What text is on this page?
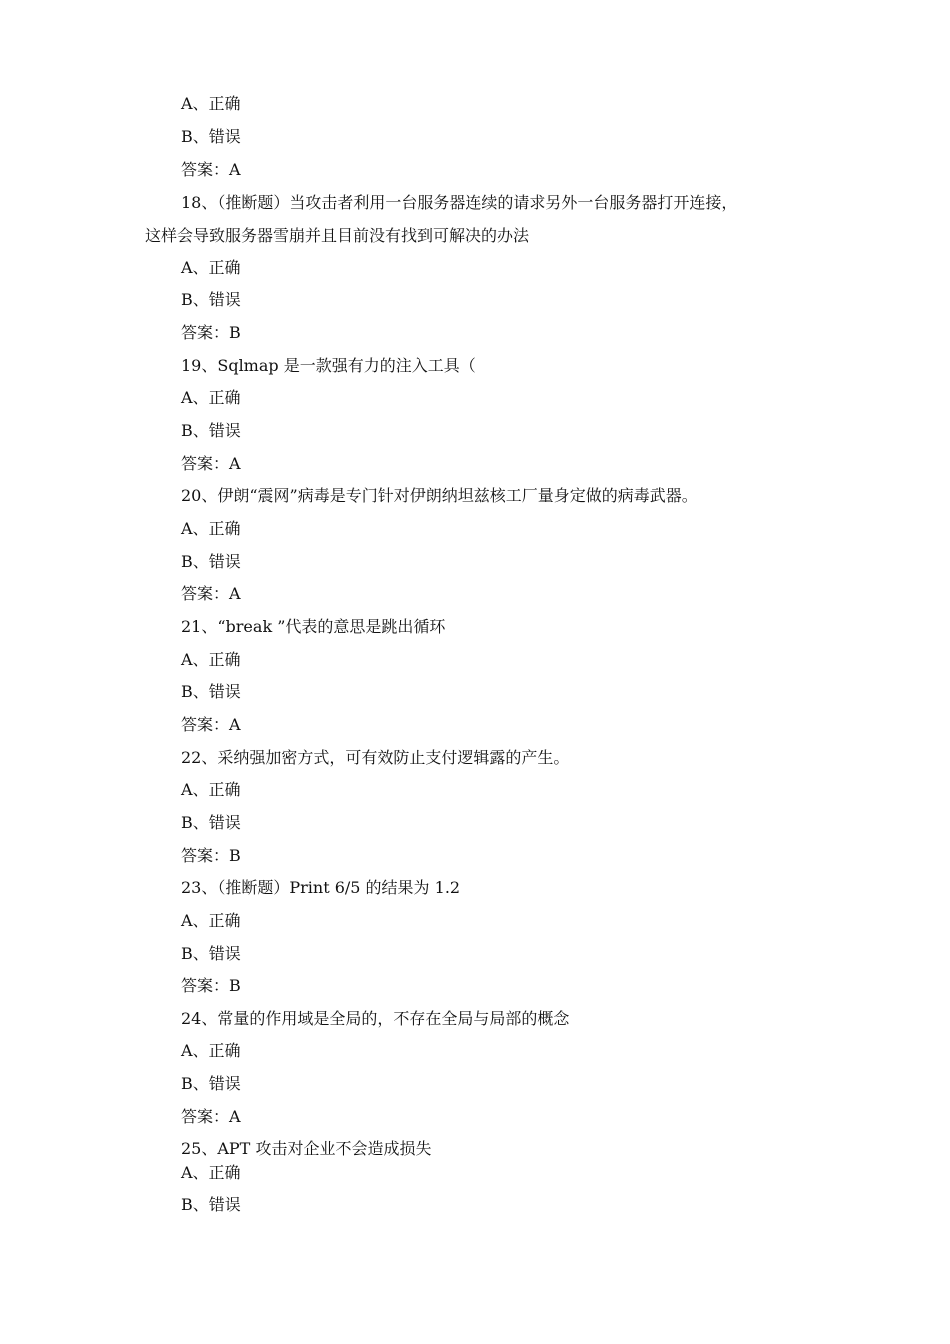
A、正确
B、错误
答案：A
18、（推断题）当攻击者利用一台服务器连续的请求另外一台服务器打开连接，
这样会导致服务器雪崩并且目前没有找到可解决的办法
A、正确
B、错误
答案：B
19、Sqlmap 是一款强有力的注入工具（
A、正确
B、错误
答案：A
20、伊朗“震网”病毒是专门针对伊朗纳坦兹核工厂量身定做的病毒武器。
A、正确
B、错误
答案：A
21、“break ”代表的意思是跳出循环
A、正确
B、错误
答案：A
22、采纳强加密方式，可有效防止支付逻辑露的产生。
A、正确
B、错误
答案：B
23、（推断题）Print 6/5 的结果为 1.2
A、正确
B、错误
答案：B
24、常量的作用域是全局的，不存在全局与局部的概念
A、正确
B、错误
答案：A
25、APT 攻击对企业不会造成损失
A、正确
B、错误
